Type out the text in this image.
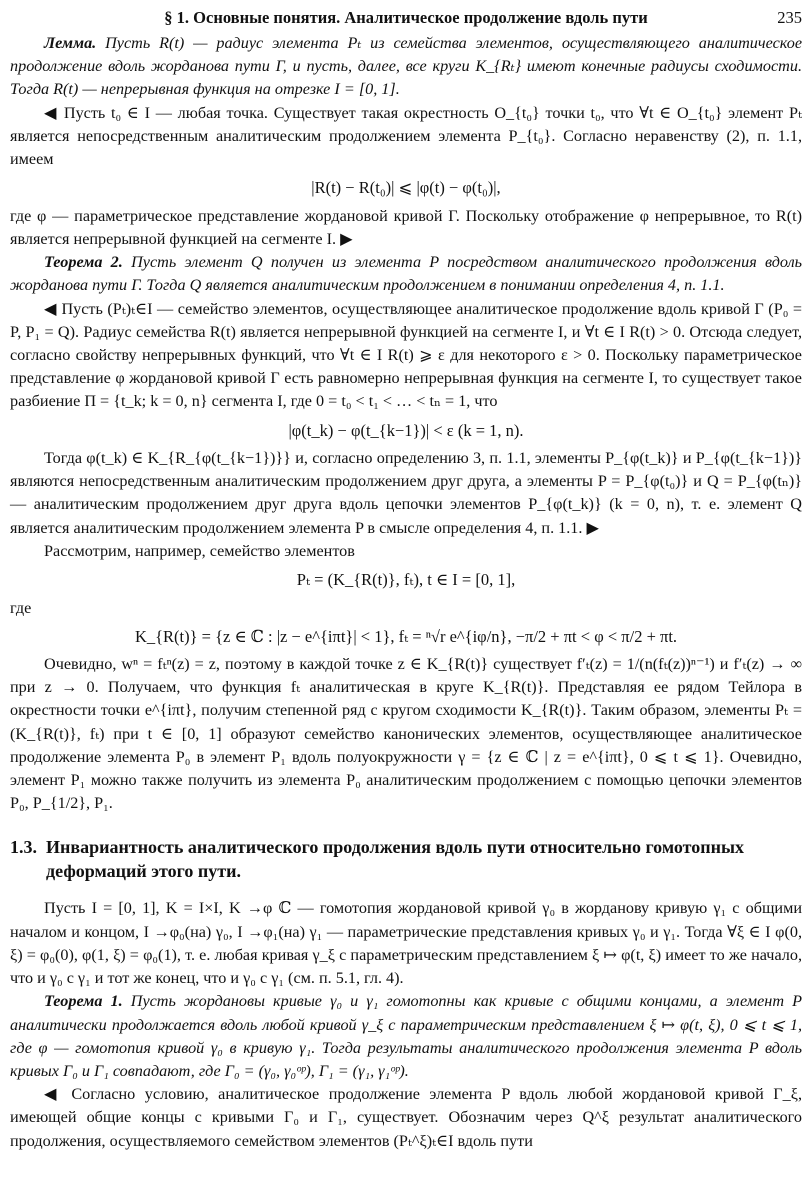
§ 1. Основные понятия. Аналитическое продолжение вдоль пути	235

Лемма. Пусть R(t) — радиус элемента Pₜ из семейства элементов, осуществляющего аналитическое продолжение вдоль жорданова пути Γ, и пусть, далее, все круги K_{Rₜ} имеют конечные радиусы сходимости. Тогда R(t) — непрерывная функция на отрезке I = [0, 1].

◀ Пусть t₀ ∈ I — любая точка. Существует такая окрестность O_{t₀} точки t₀, что ∀t ∈ O_{t₀} элемент Pₜ является непосредственным аналитическим продолжением элемента P_{t₀}. Согласно неравенству (2), п. 1.1, имеем

|R(t) − R(t₀)| ⩽ |φ(t) − φ(t₀)|,

где φ — параметрическое представление жордановой кривой Γ. Поскольку отображение φ непрерывное, то R(t) является непрерывной функцией на сегменте I. ▶

Теорема 2. Пусть элемент Q получен из элемента P посредством аналитического продолжения вдоль жорданова пути Γ. Тогда Q является аналитическим продолжением в понимании определения 4, п. 1.1.

◀ Пусть (Pₜ)ₜ∈I — семейство элементов, осуществляющее аналитическое продолжение вдоль кривой Γ (P₀ = P, P₁ = Q). Радиус семейства R(t) является непрерывной функцией на сегменте I, и ∀t ∈ I R(t) > 0. Отсюда следует, согласно свойству непрерывных функций, что ∀t ∈ I R(t) ⩾ ε для некоторого ε > 0. Поскольку параметрическое представление φ жордановой кривой Γ есть равномерно непрерывная функция на сегменте I, то существует такое разбиение Π = {t_k; k = 0, n} сегмента I, где 0 = t₀ < t₁ < … < tₙ = 1, что

|φ(t_k) − φ(t_{k−1})| < ε (k = 1, n).

Тогда φ(t_k) ∈ K_{R_{φ(t_{k−1})}} и, согласно определению 3, п. 1.1, элементы P_{φ(t_k)} и P_{φ(t_{k−1})} являются непосредственным аналитическим продолжением друг друга, а элементы P = P_{φ(t₀)} и Q = P_{φ(tₙ)} — аналитическим продолжением друг друга вдоль цепочки элементов P_{φ(t_k)} (k = 0, n), т. е. элемент Q является аналитическим продолжением элемента P в смысле определения 4, п. 1.1. ▶

Рассмотрим, например, семейство элементов

Pₜ = (K_{R(t)}, fₜ), t ∈ I = [0, 1],

где

K_{R(t)} = {z ∈ ℂ : |z − e^{iπt}| < 1}, fₜ = ⁿ√r e^{iφ/n}, −π/2 + πt < φ < π/2 + πt.

Очевидно, wⁿ = fₜⁿ(z) = z, поэтому в каждой точке z ∈ K_{R(t)} существует f′ₜ(z) = 1/(n(fₜ(z))ⁿ⁻¹) и f′ₜ(z) → ∞ при z → 0. Получаем, что функция fₜ аналитическая в круге K_{R(t)}. Представляя ее рядом Тейлора в окрестности точки e^{iπt}, получим степенной ряд с кругом сходимости K_{R(t)}. Таким образом, элементы Pₜ = (K_{R(t)}, fₜ) при t ∈ [0, 1] образуют семейство канонических элементов, осуществляющее аналитическое продолжение элемента P₀ в элемент P₁ вдоль полуокружности γ = {z ∈ ℂ | z = e^{iπt}, 0 ⩽ t ⩽ 1}. Очевидно, элемент P₁ можно также получить из элемента P₀ аналитическим продолжением с помощью цепочки элементов P₀, P_{1/2}, P₁.

1.3. Инвариантность аналитического продолжения вдоль пути относительно гомотопных деформаций этого пути.

Пусть I = [0, 1], K = I×I, K →φ ℂ — гомотопия жордановой кривой γ₀ в жорданову кривую γ₁ с общими началом и концом, I →φ₀(на) γ₀, I →φ₁(на) γ₁ — параметрические представления кривых γ₀ и γ₁. Тогда ∀ξ ∈ I φ(0, ξ) = φ₀(0), φ(1, ξ) = φ₀(1), т. е. любая кривая γ_ξ с параметрическим представлением ξ ↦ φ(t, ξ) имеет то же начало, что и γ₀ с γ₁ и тот же конец, что и γ₀ с γ₁ (см. п. 5.1, гл. 4).

Теорема 1. Пусть жордановы кривые γ₀ и γ₁ гомотопны как кривые с общими концами, а элемент P аналитически продолжается вдоль любой кривой γ_ξ с параметрическим представлением ξ ↦ φ(t, ξ), 0 ⩽ t ⩽ 1, где φ — гомотопия кривой γ₀ в кривую γ₁. Тогда результаты аналитического продолжения элемента P вдоль кривых Γ₀ и Γ₁ совпадают, где Γ₀ = (γ₀, γ₀ᵒᵖ), Γ₁ = (γ₁, γ₁ᵒᵖ).

◀ Согласно условию, аналитическое продолжение элемента P вдоль любой жордановой кривой Γ_ξ, имеющей общие концы с кривыми Γ₀ и Γ₁, существует. Обозначим через Q^ξ результат аналитического продолжения, осуществляемого семейством элементов (Pₜ^ξ)ₜ∈I вдоль пути
